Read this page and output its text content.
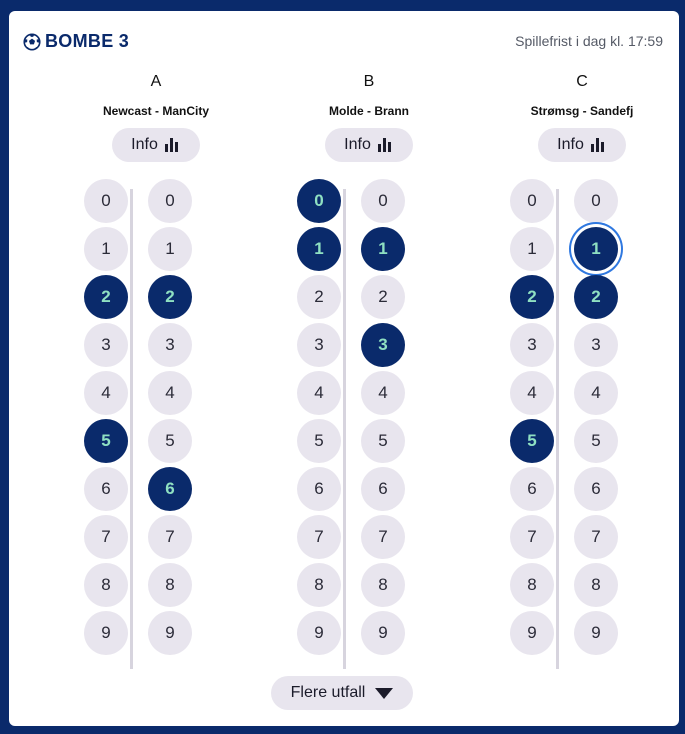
BOMBE 3	Spillefrist i dag kl. 17:59
A
Newcast - ManCity
Info
0
1
2
3
4
5
6
7
8
9
0
1
2
3
4
5
6
7
8
9
B
Molde - Brann
Info
0
1
2
3
4
5
6
7
8
9
0
1
2
3
4
5
6
7
8
9
C
Strømsg - Sandefj
Info
0
1
2
3
4
5
6
7
8
9
0
1
2
3
4
5
6
7
8
9
Flere utfall
